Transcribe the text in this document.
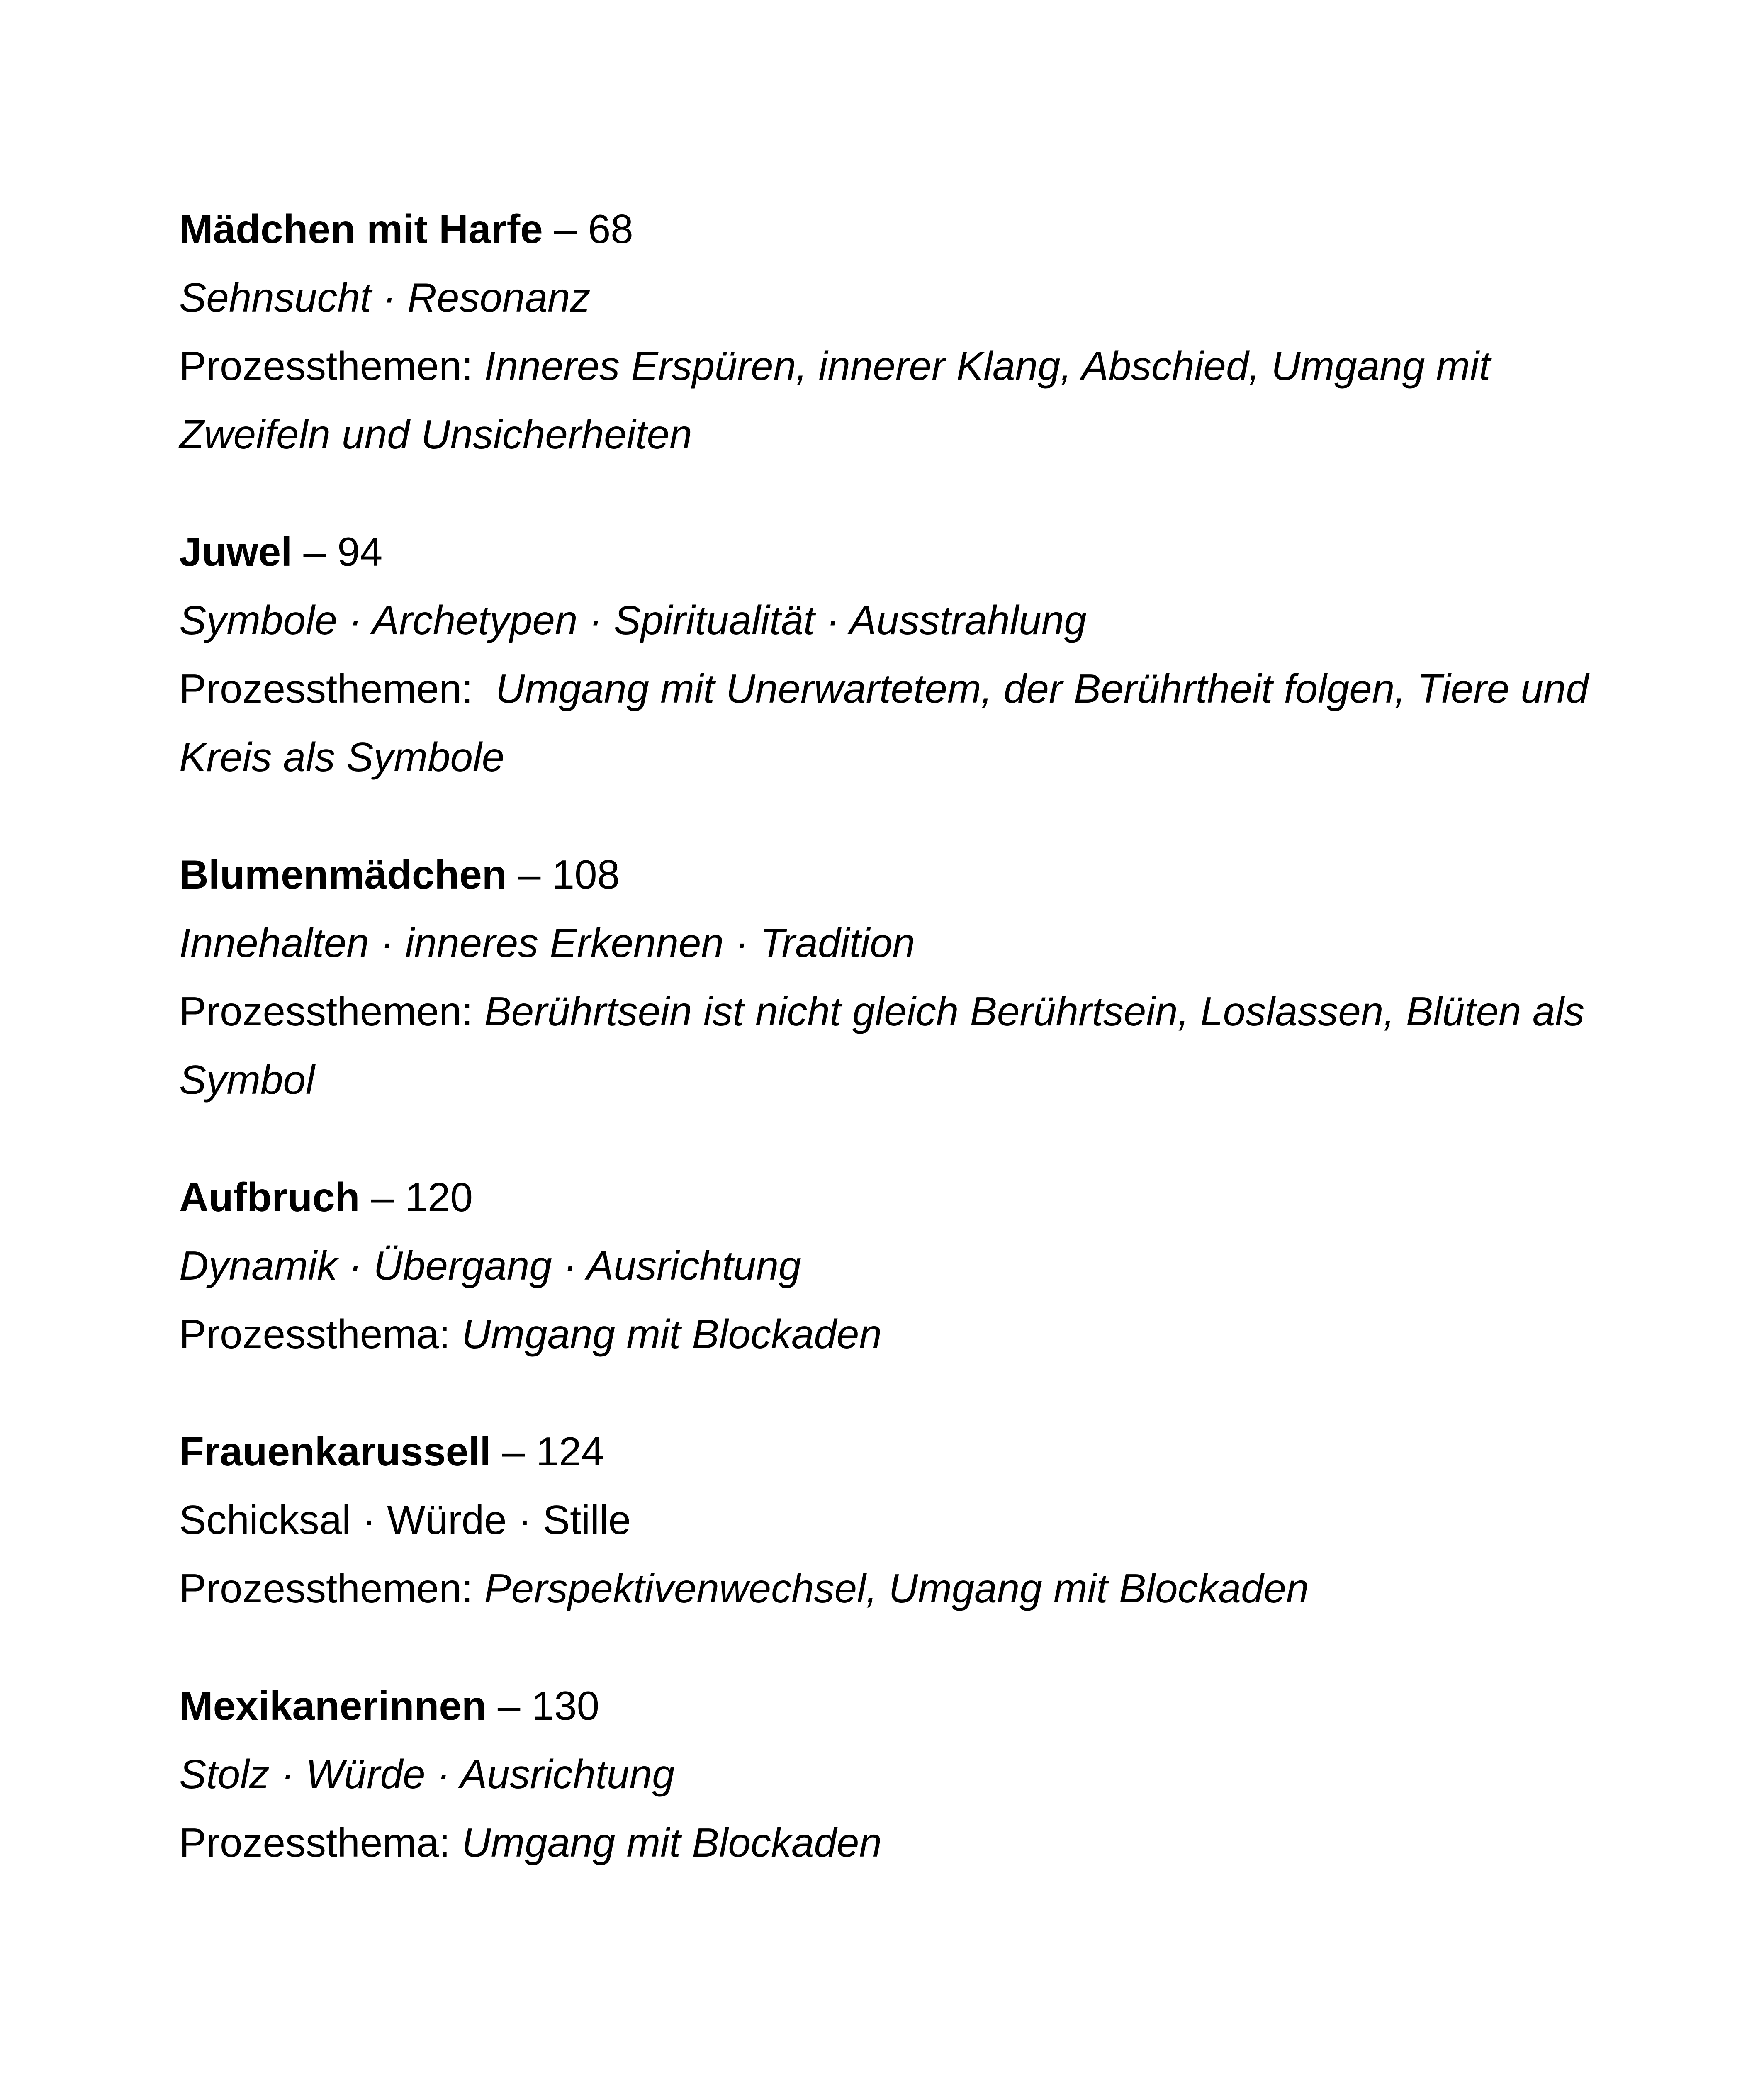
Mädchen mit Harfe – 68
Sehnsucht · Resonanz
Prozessthemen: Inneres Erspüren, innerer Klang, Abschied, Umgang mit Zweifeln und Unsicherheiten
Juwel – 94
Symbole · Archetypen · Spiritualität · Ausstrahlung
Prozessthemen:  Umgang mit Unerwartetem, der Berührtheit folgen, Tiere und Kreis als Symbole
Blumenmädchen – 108
Innehalten · inneres Erkennen · Tradition
Prozessthemen: Berührtsein ist nicht gleich Berührtsein, Loslassen, Blüten als Symbol
Aufbruch – 120
Dynamik · Übergang · Ausrichtung
Prozessthema: Umgang mit Blockaden
Frauenkarussell – 124
Schicksal · Würde · Stille
Prozessthemen: Perspektivenwechsel, Umgang mit Blockaden
Mexikanerinnen – 130
Stolz · Würde · Ausrichtung
Prozessthema: Umgang mit Blockaden
